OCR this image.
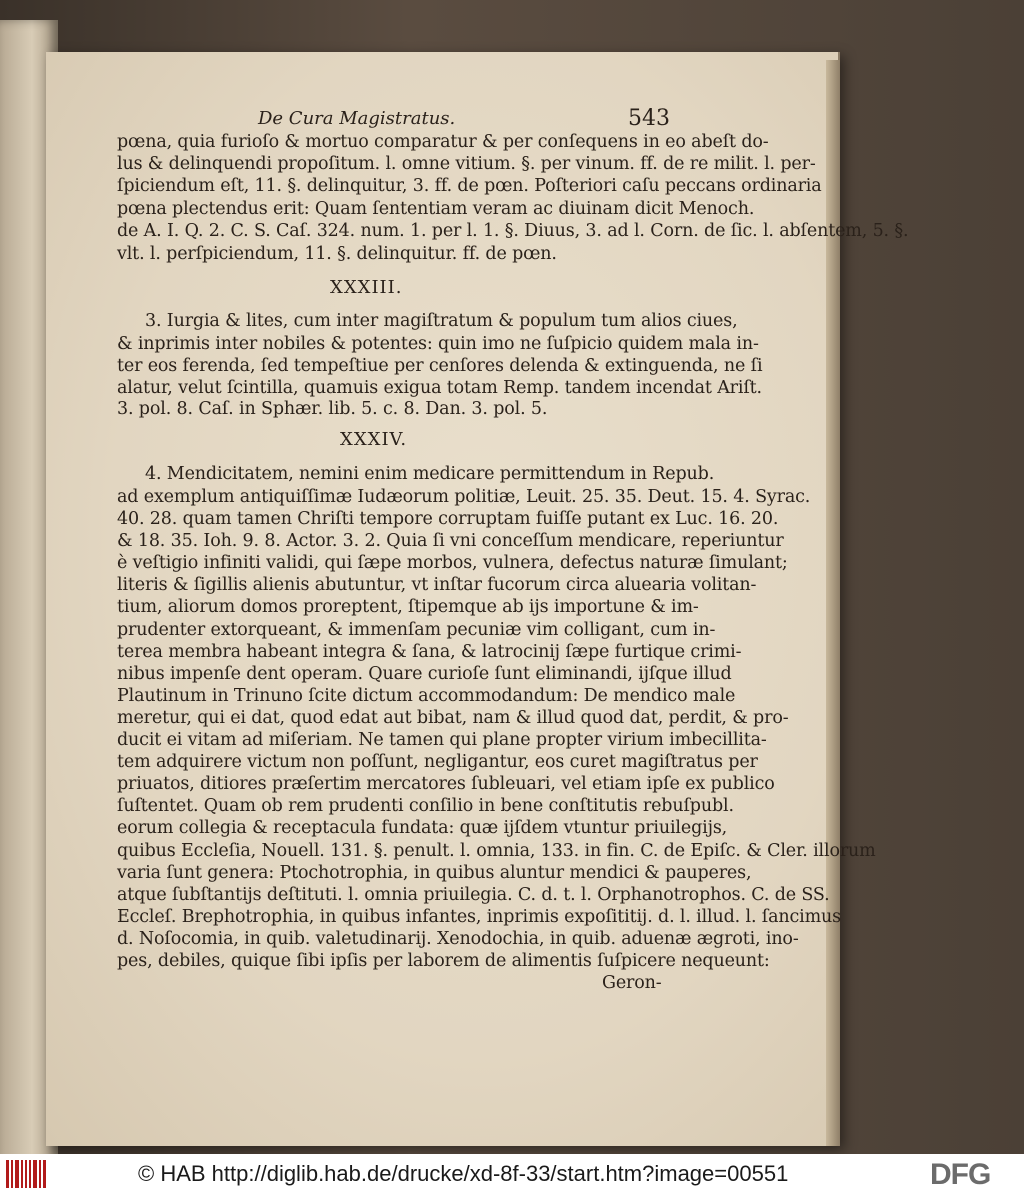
De Cura Magistratus.	543
pœna, quia furioſo & mortuo comparatur & per conſequens in eo abeſt do-
lus & delinquendi propoſitum. l. omne vitium. §. per vinum. ff. de re milit. l. per-
ſpiciendum eſt, 11. §. delinquitur, 3. ff. de pœn. Poſteriori caſu peccans ordinaria
pœna plectendus erit: Quam ſententiam veram ac diuinam dicit Menoch.
de A. I. Q. 2. C. S. Caſ. 324. num. 1. per l. 1. §. Diuus, 3. ad l. Corn. de ſic. l. abſentem, 5. §.
vlt. l. perſpiciendum, 11. §. delinquitur. ff. de pœn.
XXXIII.
3. Iurgia & lites, cum inter magiſtratum & populum tum alios ciues,
& inprimis inter nobiles & potentes: quin imo ne ſuſpicio quidem mala in-
ter eos ferenda, ſed tempeſtiue per cenſores delenda & extinguenda, ne ſi
alatur, velut ſcintilla, quamuis exigua totam Remp. tandem incendat Ariſt.
3. pol. 8. Caſ. in Sphær. lib. 5. c. 8. Dan. 3. pol. 5.
XXXIV.
4. Mendicitatem, nemini enim medicare permittendum in Repub.
ad exemplum antiquiſſimæ Iudæorum politiæ, Leuit. 25. 35. Deut. 15. 4. Syrac.
40. 28. quam tamen Chriſti tempore corruptam fuiſſe putant ex Luc. 16. 20.
& 18. 35. Ioh. 9. 8. Actor. 3. 2. Quia ſi vni conceſſum mendicare, reperiuntur
è veſtigio infiniti validi, qui ſæpe morbos, vulnera, defectus naturæ ſimulant;
literis & ſigillis alienis abutuntur, vt inſtar fucorum circa aluearia volitan-
tium, aliorum domos proreptent, ſtipemque ab ijs importune & im-
prudenter extorqueant, & immenſam pecuniæ vim colligant, cum in-
terea membra habeant integra & ſana, & latrocinij ſæpe furtique crimi-
nibus impenſe dent operam. Quare curioſe ſunt eliminandi, ijſque illud
Plautinum in Trinuno ſcite dictum accommodandum: De mendico male
meretur, qui ei dat, quod edat aut bibat, nam & illud quod dat, perdit, & pro-
ducit ei vitam ad miſeriam. Ne tamen qui plane propter virium imbecillita-
tem adquirere victum non poſſunt, negligantur, eos curet magiſtratus per
priuatos, ditiores præſertim mercatores ſubleuari, vel etiam ipſe ex publico
ſuſtentet. Quam ob rem prudenti conſilio in bene conſtitutis rebuſpubl.
eorum collegia & receptacula fundata: quæ ijſdem vtuntur priuilegijs,
quibus Eccleſia, Nouell. 131. §. penult. l. omnia, 133. in fin. C. de Epiſc. & Cler. illorum
varia ſunt genera: Ptochotrophia, in quibus aluntur mendici & pauperes,
atque ſubſtantijs deſtituti. l. omnia priuilegia. C. d. t. l. Orphanotrophos. C. de SS.
Eccleſ. Brephotrophia, in quibus infantes, inprimis expoſititij. d. l. illud. l. ſancimus
d. Noſocomia, in quib. valetudinarij. Xenodochia, in quib. aduenæ ægroti, ino-
pes, debiles, quique ſibi ipſis per laborem de alimentis ſuſpicere nequeunt:
Geron-
© HAB http://diglib.hab.de/drucke/xd-8f-33/start.htm?image=00551	DFG
